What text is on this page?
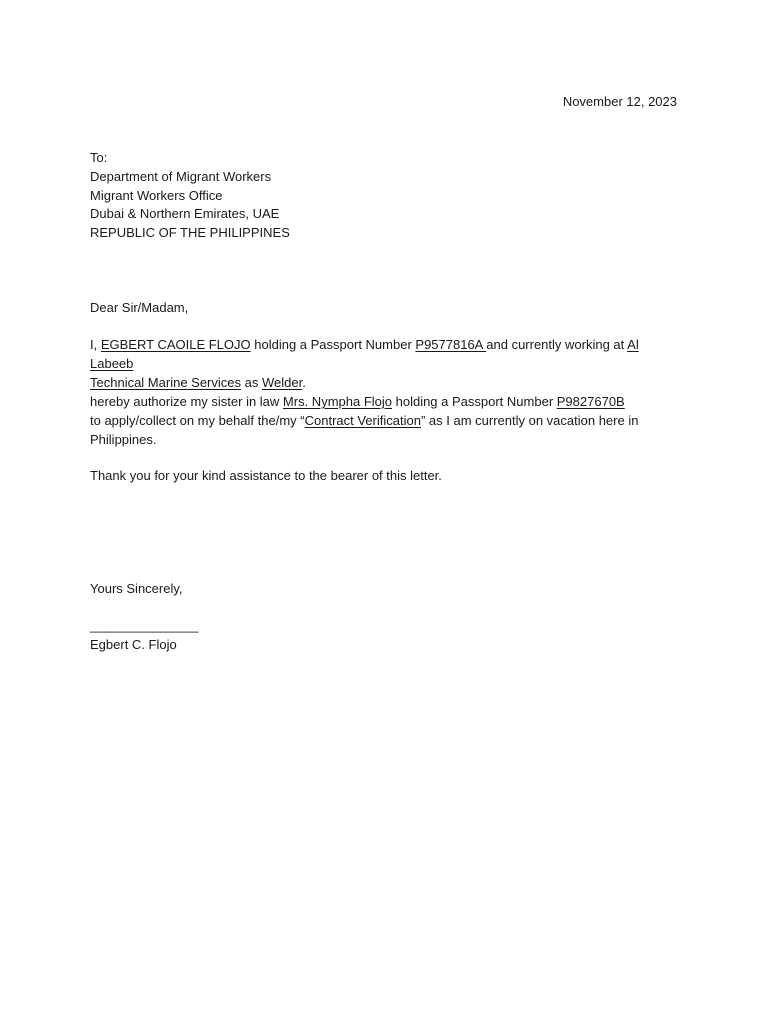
November 12, 2023
To:
Department of Migrant Workers
Migrant Workers Office
Dubai & Northern Emirates, UAE
REPUBLIC OF THE PHILIPPINES

Dear Sir/Madam,

I, EGBERT CAOILE FLOJO holding a Passport Number P9577816A and currently working at Al Labeeb
Technical Marine Services as Welder.

hereby authorize my sister in law Mrs. Nympha Flojo holding a Passport Number P9827670B
to apply/collect on my behalf the/my “Contract Verification” as I am currently on vacation here in
Philippines.

Thank you for your kind assistance to the bearer of this letter.

Yours Sincerely,

_______________

Egbert C. Flojo
